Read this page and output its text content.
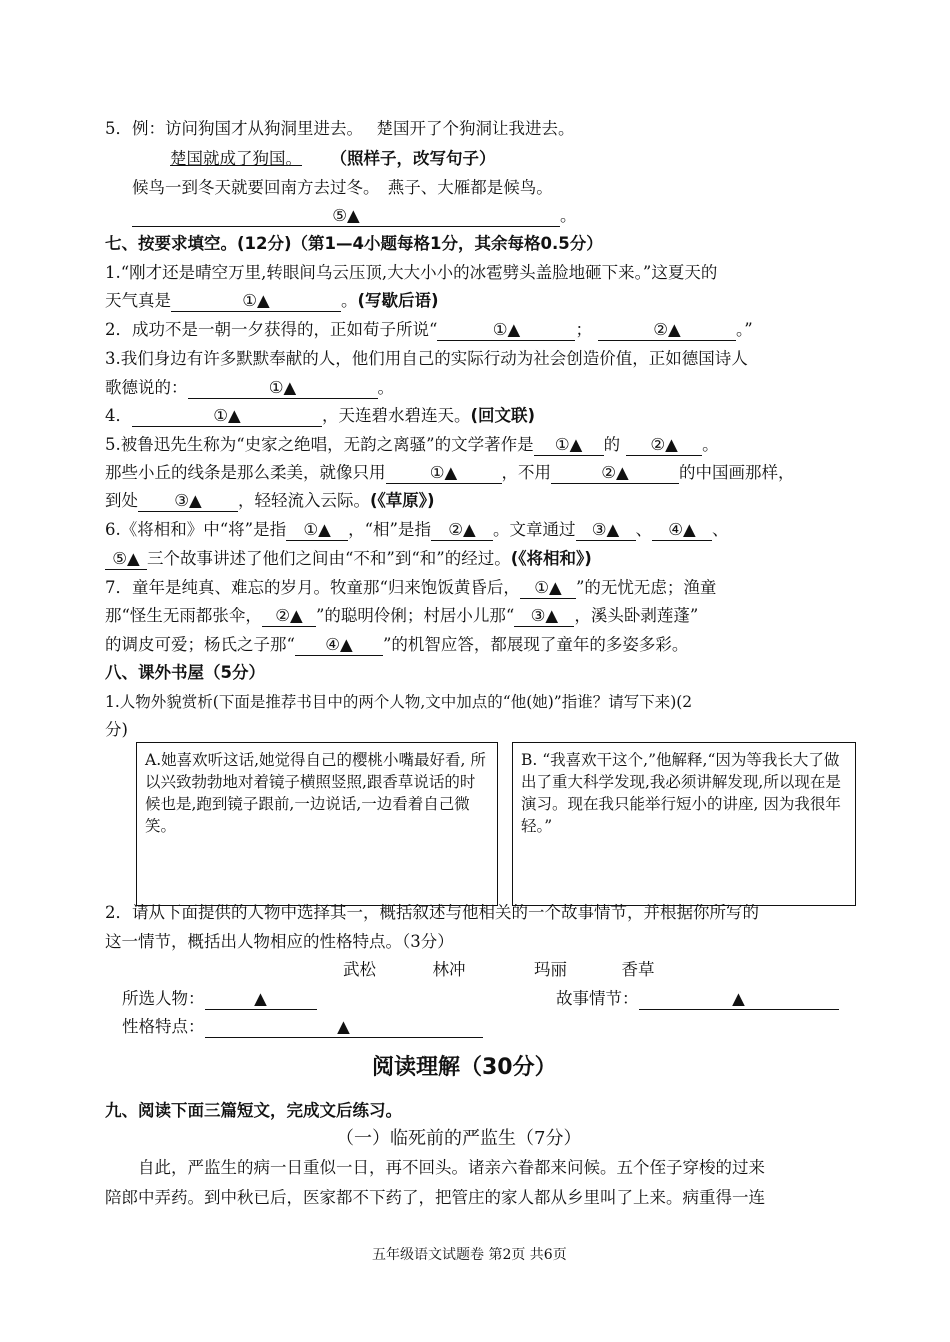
5．例：访问狗国才从狗洞里进去。　 楚国开了个狗洞让我进去。
楚国就成了狗国。 （照样子，改写句子）
候鸟一到冬天就要回南方去过冬。　燕子、大雁都是候鸟。
⑤▲	。
七、按要求填空。(12分)（第1—4小题每格1分，其余每格0.5分）
1.“刚才还是晴空万里,转眼间乌云压顶,大大小小的冰雹劈头盖脸地砸下来。”这夏天的
天气真是	①▲	。(写歇后语)
2．成功不是一朝一夕获得的，正如荀子所说“	①▲	；	②▲	。”
3.我们身边有许多默默奉献的人，他们用自己的实际行动为社会创造价值，正如德国诗人
歌德说的：	①▲	。
4．	①▲	，天连碧水碧连天。(回文联)
5.被鲁迅先生称为“史家之绝唱，无韵之离骚”的文学著作是 ①▲ 的 ②▲ 。
那些小丘的线条是那么柔美，就像只用	①▲	，不用	②▲	的中国画那样，
到处 ③▲ ，轻轻流入云际。(《草原》)
6.《将相和》中“将”是指 ①▲ ，“相”是指 ②▲ 。文章通过 ③▲ 、 ④▲ 、
⑤▲ 三个故事讲述了他们之间由“不和”到“和”的经过。(《将相和》)
7．童年是纯真、难忘的岁月。牧童那“归来饱饭黄昏后， ①▲ ”的无忧无虑；渔童
那“怪生无雨都张伞， ②▲ ”的聪明伶俐；村居小儿那“ ③▲ ，溪头卧剥莲蓬”
的调皮可爱；杨氏之子那“ ④▲ ”的机智应答，都展现了童年的多姿多彩。
八、课外书屋（5分）
1.人物外貌赏析(下面是推荐书目中的两个人物,文中加点的“他(她)”指谁？请写下来)(2
分)
A.她喜欢听这话,她觉得自己的樱桃小嘴最好看, 所以兴致勃勃地对着镜子横照竖照,跟香草说话的时候也是,跑到镜子跟前,一边说话,一边看着自己微笑。
B. “我喜欢干这个,”他解释,“因为等我长大了做出了重大科学发现,我必须讲解发现,所以现在是演习。现在我只能举行短小的讲座, 因为我很年轻。”
2．请从下面提供的人物中选择其一，概括叙述与他相关的一个故事情节，并根据你所写的
这一情节，概括出人物相应的性格特点。（3分）
武松	林冲	玛丽	香草
所选人物：	▲	故事情节：	▲
性格特点：	▲
阅读理解（30分）
九、阅读下面三篇短文，完成文后练习。
（一）临死前的严监生（7分）
　　自此，严监生的病一日重似一日，再不回头。诸亲六眷都来问候。五个侄子穿梭的过来
陪郎中弄药。到中秋已后，医家都不下药了，把管庄的家人都从乡里叫了上来。病重得一连
五年级语文试题卷 第2页 共6页
